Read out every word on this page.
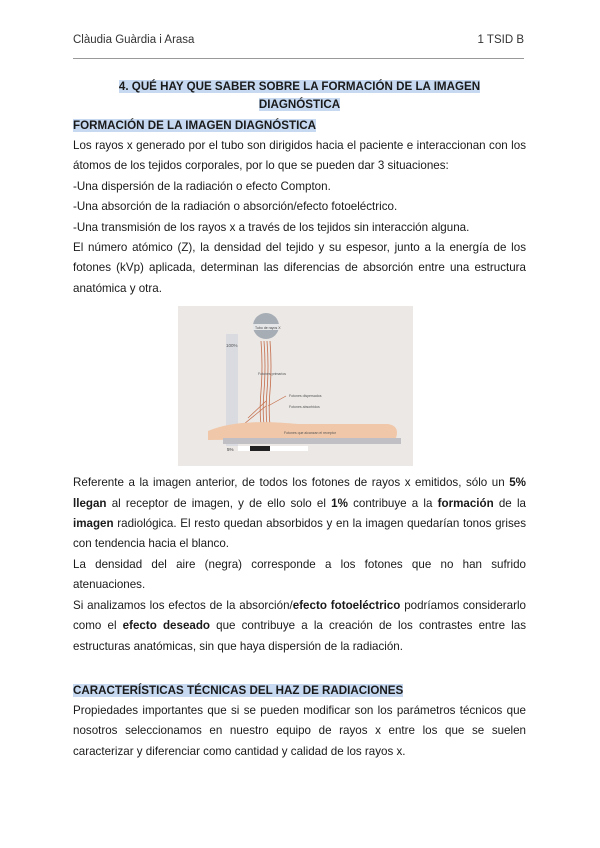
Clàudia Guàrdia i Arasa	1 TSID B
4. QUÉ HAY QUE SABER SOBRE LA FORMACIÓN DE LA IMAGEN
DIAGNÓSTICA
FORMACIÓN DE LA IMAGEN DIAGNÓSTICA

Los rayos x generado por el tubo son dirigidos hacia el paciente e interaccionan con los átomos de los tejidos corporales, por lo que se pueden dar 3 situaciones:

-Una dispersión de la radiación o efecto Compton.

-Una absorción de la radiación o absorción/efecto fotoeléctrico.

-Una transmisión de los rayos x a través de los tejidos sin interacción alguna.

El número atómico (Z), la densidad del tejido y su espesor, junto a la energía de los fotones (kVp) aplicada, determinan las diferencias de absorción entre una estructura anatómica y otra.

100%
Tubo de rayos X
Fotones primarios
Fotones dispersados
Fotones absorbidos
Fotones que alcanzan el receptor
5%

Referente a la imagen anterior, de todos los fotones de rayos x emitidos, sólo un 5% llegan al receptor de imagen, y de ello solo el 1% contribuye a la formación de la imagen radiológica. El resto quedan absorbidos y en la imagen quedarían tonos grises con tendencia hacia el blanco.

La densidad del aire (negra) corresponde a los fotones que no han sufrido atenuaciones.

Si analizamos los efectos de la absorción/efecto fotoeléctrico podríamos considerarlo como el efecto deseado que contribuye a la creación de los contrastes entre las estructuras anatómicas, sin que haya dispersión de la radiación.

CARACTERÍSTICAS TÉCNICAS DEL HAZ DE RADIACIONES

Propiedades importantes que si se pueden modificar son los parámetros técnicos que nosotros seleccionamos en nuestro equipo de rayos x entre los que se suelen caracterizar y diferenciar como cantidad y calidad de los rayos x.
